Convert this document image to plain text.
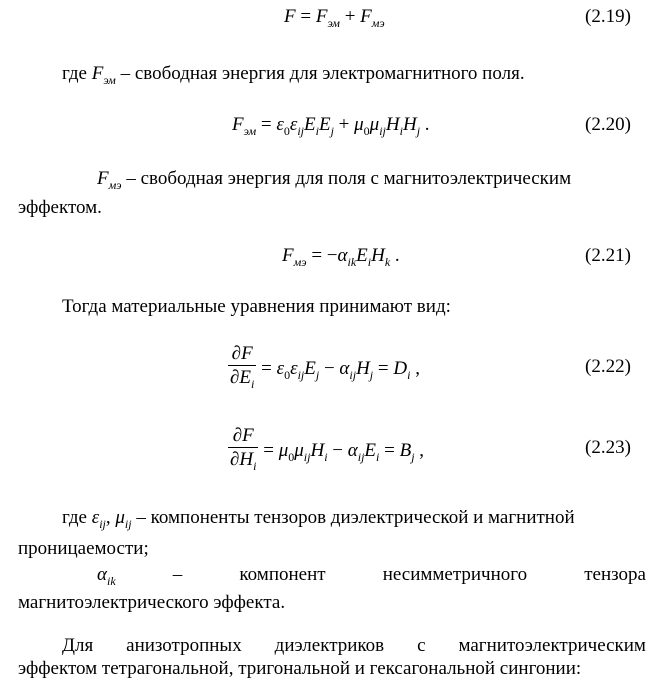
$F = F_{эм} + F_{мэ}$	(2.19)
где $F_{эм}$ – свободная энергия для электромагнитного поля.
$F_{эм} = \varepsilon_0\varepsilon_{ij}E_iE_j + \mu_0\mu_{ij}H_iH_j$ .	(2.20)
$F_{мэ}$ – свободная энергия для поля с магнитоэлектрическим
эффектом.
$F_{мэ} = -\alpha_{ik}E_iH_k$ .	(2.21)
Тогда материальные уравнения принимают вид:
$\frac{\partial F}{\partial E_i} = \varepsilon_0\varepsilon_{ij}E_j - \alpha_{ij}H_j = D_i$ ,	(2.22)
$\frac{\partial F}{\partial H_i} = \mu_0\mu_{ij}H_i - \alpha_{ij}E_i = B_j$ ,	(2.23)
где $\varepsilon_{ij}$, $\mu_{ij}$ – компоненты тензоров диэлектрической и магнитной
проницаемости;
$\alpha_{ik}$	–	компонент	несимметричного	тензора
магнитоэлектрического эффекта.
Для анизотропных диэлектриков с магнитоэлектрическим
эффектом тетрагональной, тригональной и гексагональной сингонии:
